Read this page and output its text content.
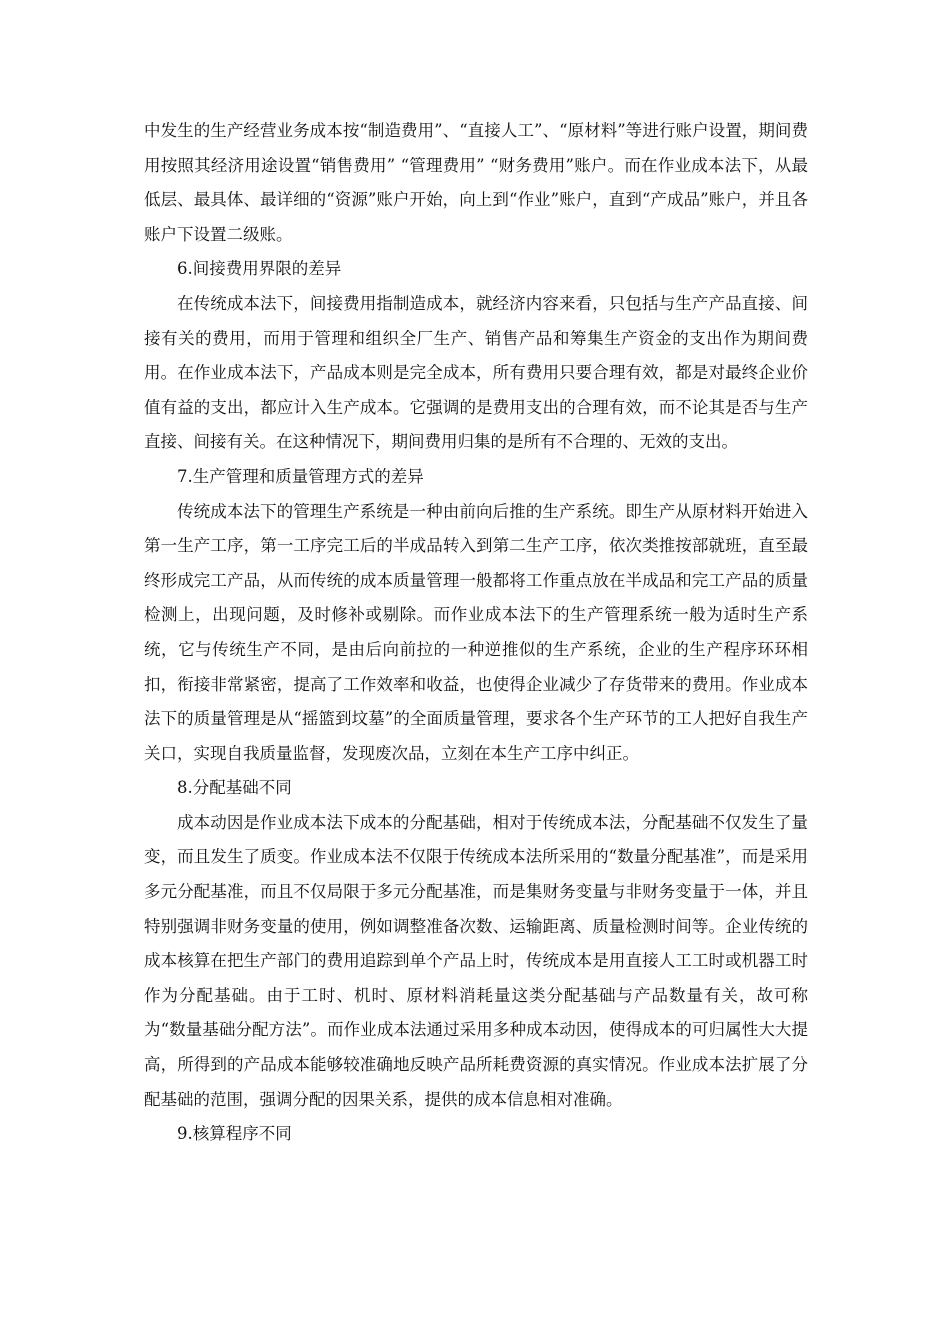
中发生的生产经营业务成本按“制造费用”、“直接人工”、“原材料”等进行账户设置，期间费用按照其经济用途设置“销售费用” “管理费用” “财务费用”账户。而在作业成本法下，从最低层、最具体、最详细的“资源”账户开始，向上到“作业”账户，直到“产成品”账户，并且各账户下设置二级账。

6.间接费用界限的差异

在传统成本法下，间接费用指制造成本，就经济内容来看，只包括与生产产品直接、间接有关的费用，而用于管理和组织全厂生产、销售产品和筹集生产资金的支出作为期间费用。在作业成本法下，产品成本则是完全成本，所有费用只要合理有效，都是对最终企业价值有益的支出，都应计入生产成本。它强调的是费用支出的合理有效，而不论其是否与生产直接、间接有关。在这种情况下，期间费用归集的是所有不合理的、无效的支出。

7.生产管理和质量管理方式的差异

传统成本法下的管理生产系统是一种由前向后推的生产系统。即生产从原材料开始进入第一生产工序，第一工序完工后的半成品转入到第二生产工序，依次类推按部就班，直至最终形成完工产品，从而传统的成本质量管理一般都将工作重点放在半成品和完工产品的质量检测上，出现问题，及时修补或剔除。而作业成本法下的生产管理系统一般为适时生产系统，它与传统生产不同，是由后向前拉的一种逆推似的生产系统，企业的生产程序环环相扣，衔接非常紧密，提高了工作效率和收益，也使得企业减少了存货带来的费用。作业成本法下的质量管理是从“摇篮到坟墓”的全面质量管理，要求各个生产环节的工人把好自我生产关口，实现自我质量监督，发现废次品，立刻在本生产工序中纠正。

8.分配基础不同

成本动因是作业成本法下成本的分配基础，相对于传统成本法，分配基础不仅发生了量变，而且发生了质变。作业成本法不仅限于传统成本法所采用的“数量分配基准”，而是采用多元分配基准，而且不仅局限于多元分配基准，而是集财务变量与非财务变量于一体，并且特别强调非财务变量的使用，例如调整准备次数、运输距离、质量检测时间等。企业传统的成本核算在把生产部门的费用追踪到单个产品上时，传统成本是用直接人工工时或机器工时作为分配基础。由于工时、机时、原材料消耗量这类分配基础与产品数量有关，故可称为“数量基础分配方法”。而作业成本法通过采用多种成本动因，使得成本的可归属性大大提高，所得到的产品成本能够较准确地反映产品所耗费资源的真实情况。作业成本法扩展了分配基础的范围，强调分配的因果关系，提供的成本信息相对准确。

9.核算程序不同
